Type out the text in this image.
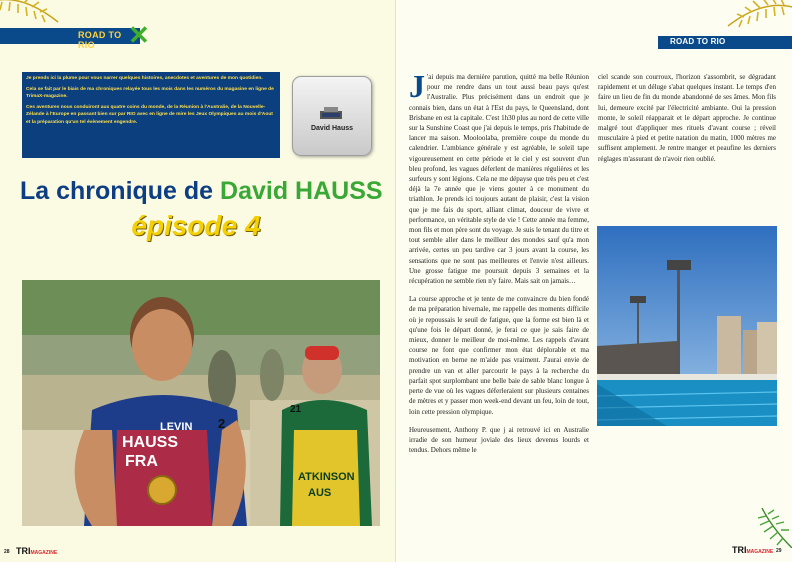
ROAD TO RIO	✕

Je prends ici la plume pour vous narrer quelques histoires, anecdotes et aventures de mon quotidien.

Cela se fait par le biais de ma chroniques relayée tous les mois dans les numéros du magasine en ligne de TrimaX-magazine.

Ces aventures nous conduiront aux quatre coins du monde, de la Réunion à l'Australie, de la Nouvelle-Zélande à l'Europe en passant bien sur par RIO avec en ligne de mire les Jeux Olympiques au mois d'Aout et la préparation qu'un tel évènement engendre.

David Hauss
La chronique de David HAUSS
épisode 4
LEVIN
HAUSS
FRA
2
ATKINSON
AUS
21
28 TRIMAGAZINE
ROAD TO RIO

J 'ai depuis ma dernière parution, quitté ma belle Réunion pour me rendre dans un tout aussi beau pays qu'est l'Australie. Plus précisément dans un endroit que je connais bien, dans un état à l'Est du pays, le Queensland, dont Brisbane en est la capitale. C'est 1h30 plus au nord de cette ville sur la Sunshine Coast que j'ai depuis le temps, pris l'habitude de lancer ma saison. Mooloolaba, première coupe du monde du calendrier. L'ambiance générale y est agréable, le soleil tape vigoureusement en cette période et le ciel y est souvent d'un bleu profond, les vagues déferlent de manières régulières et les surfeurs y sont légions. Cela ne me dépayse que très peu et c'est déjà la 7e année que je viens gouter à ce monument du triathlon. Je prends ici toujours autant de plaisir, c'est la vision que je me fais du sport, alliant climat, douceur de vivre et performance, un véritable style de vie ! Cette année ma femme, mon fils et mon père sont du voyage. Je suis le tenant du titre et tout semble aller dans le meilleur des mondes sauf qu'a mon arrivée, certes un peu tardive car 3 jours avant la course, les sensations que ne sont pas meilleures et l'envie n'est ailleurs. Une grosse fatigue me poursuit depuis 3 semaines et la récupération ne semble rien n'y faire. Mais sait on jamais…

La course approche et je tente de me convaincre du bien fondé de ma préparation hivernale, me rappelle des moments difficile où je repoussais le seuil de fatigue, que la forme est bien là et qu'une fois le départ donné, je ferai ce que je sais faire de mieux, donner le meilleur de moi-même. Les rappels d'avant course ne font que confirmer mon état déplorable et ma motivation en berne ne m'aide pas vraiment. J'aurai envie de prendre un van et aller parcourir le pays à la recherche du parfait spot surplombant une belle baie de sable blanc longue à perte de vue où les vagues déferleraient sur plusieurs centaines de mètres et y passer mon week-end devant un feu, loin de tout, loin cette pression olympique.

Heureusement, Anthony P. que j ai retrouvé ici en Australie irradie de son humeur joviale des lieux devenus lourds et tendus. Dehors même le

ciel scande son courroux, l'horizon s'assombrit, se dégradant rapidement et un déluge s'abat quelques instant. Le temps d'en faire un lieu de fin du monde abandonné de ses âmes. Mon fils lui, demeure excité par l'électricité ambiante. Oui la pression monte, le soleil réapparait et le départ approche. Je continue malgré tout d'appliquer mes rituels d'avant course ; réveil musculaire à pied et petite natation du matin, 1000 mètres me suffisent amplement. Je rentre manger et peaufine les derniers réglages m'assurant de n'avoir rien oublié.

TRIMAGAZINE 29
